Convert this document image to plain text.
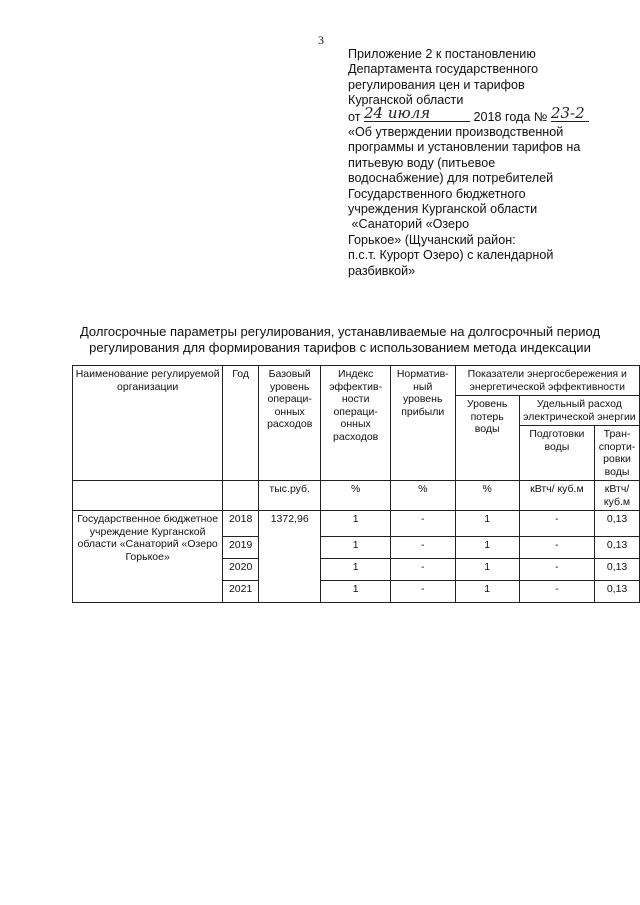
3
Приложение 2 к постановлению
Департамента государственного
регулирования цен и тарифов
Курганской области
от 24 июля	2018 года № 23-2
«Об утверждении производственной
программы и установлении тарифов на
питьевую воду (питьевое
водоснабжение) для потребителей
Государственного бюджетного
учреждения Курганской области
«Санаторий «Озеро
Горькое» (Щучанский район:
п.с.т. Курорт Озеро) с календарной
разбивкой»
Долгосрочные параметры регулирования, устанавливаемые на долгосрочный период
регулирования для формирования тарифов с использованием метода индексации
Наименование регулируемой организации	Год	Базовый уровень операци-онных расходов	Индекс эффектив-ности операци-онных расходов	Норматив-ный уровень прибыли	Показатели энергосбережения и энергетической эффективности		
					Уровень потерь воды	Удельный расход электрической энергии	
						Подготовки воды	Тран-спорти-ровки воды
		тыс.руб.	%	%	%	кВтч/ куб.м	кВтч/ куб.м
Государственное бюджетное учреждение Курганской области «Санаторий «Озеро Горькое»	2018	1372,96	1	-	1	-	0,13
	2019		1	-	1	-	0,13
	2020		1	-	1	-	0,13
	2021		1	-	1	-	0,13
